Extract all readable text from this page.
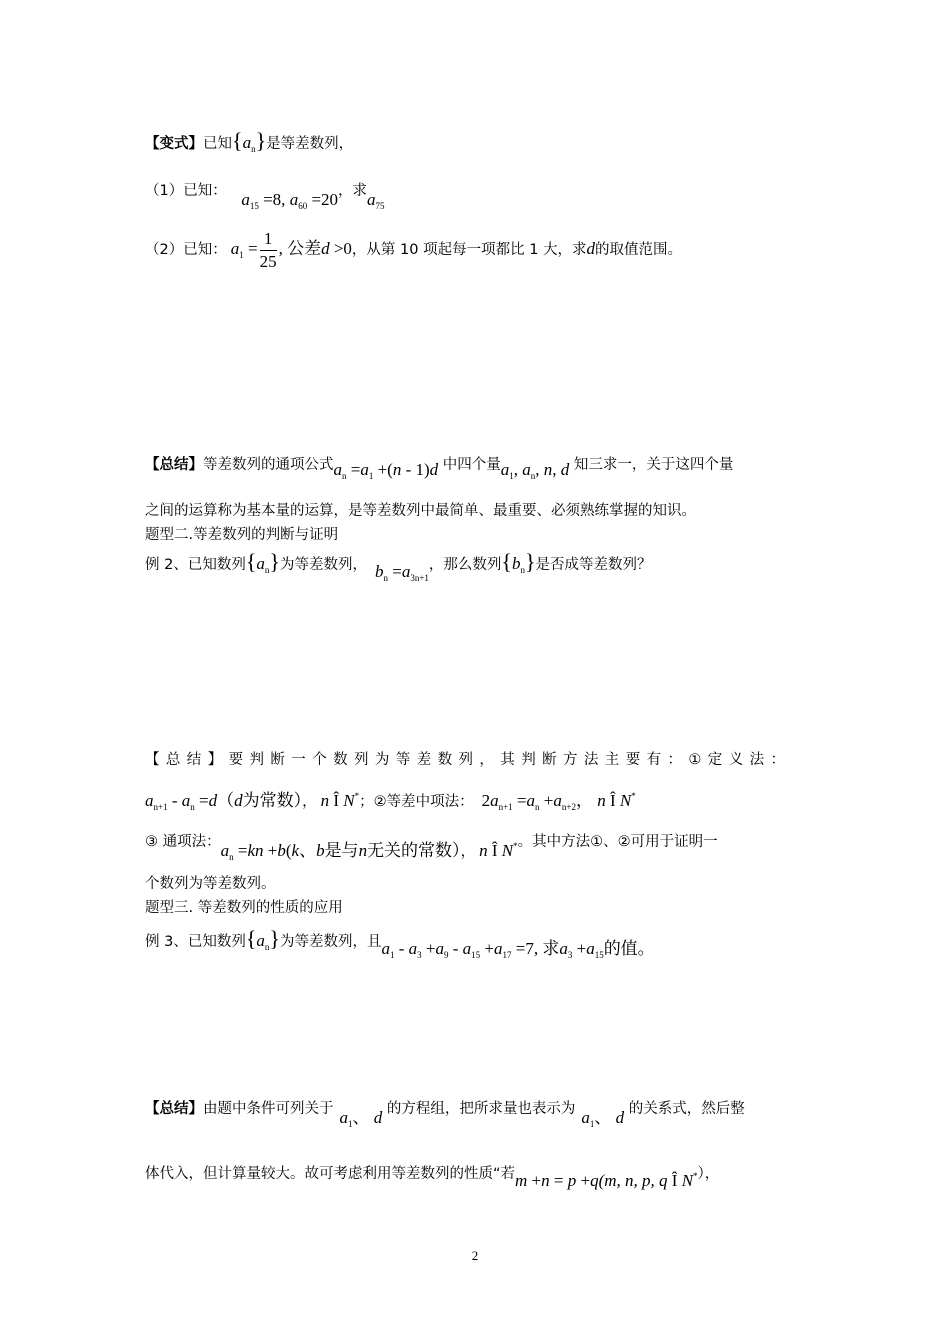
【变式】已知$\{a_n\}$是等差数列，
（1）已知： $a_{15} =8$, $a_{60} =20$，求$a_{75}$
（2）已知： $a_1 = \frac{1}{25}$ , 公差d >0，从第 10 项起每一项都比 1 大，求d的取值范围。
【总结】等差数列的通项公式$a_n =a_1 +(n - 1)d$ 中四个量$a_1$, $a_n$, n, d 知三求一，关于这四个量
之间的运算称为基本量的运算，是等差数列中最简单、最重要、必须熟练掌握的知识。
题型二.等差数列的判断与证明
例 2、已知数列$\{a_n\}$为等差数列， $b_n =a_{3n+1}$，那么数列$\{b_n\}$是否成等差数列？
【总结】要判断一个数列为等差数列，其判断方法主要有：①定义法：
$a_{n+1} - a_n =d(d$为常数）， n Î N*；②等差中项法： $2a_{n+1} =a_n +a_{n+2}$， n Î N*
③ 通项法：$a_n =kn +b(k$、b是与n无关的常数）， n Î N*。其中方法①、②可用于证明一
个数列为等差数列。
题型三. 等差数列的性质的应用
例 3、已知数列$\{a_n\}$为等差数列，且$a_1 - a_3 +a_9 - a_{15} +a_{17} =7$, 求$a_3 +a_{15}$的值。
【总结】由题中条件可列关于 $a_1$、 d 的方程组，把所求量也表示为 $a_1$、 d 的关系式，然后整
体代入，但计算量较大。故可考虑利用等差数列的性质“若m +n = p +q(m, n, p, q Î N*），
2
